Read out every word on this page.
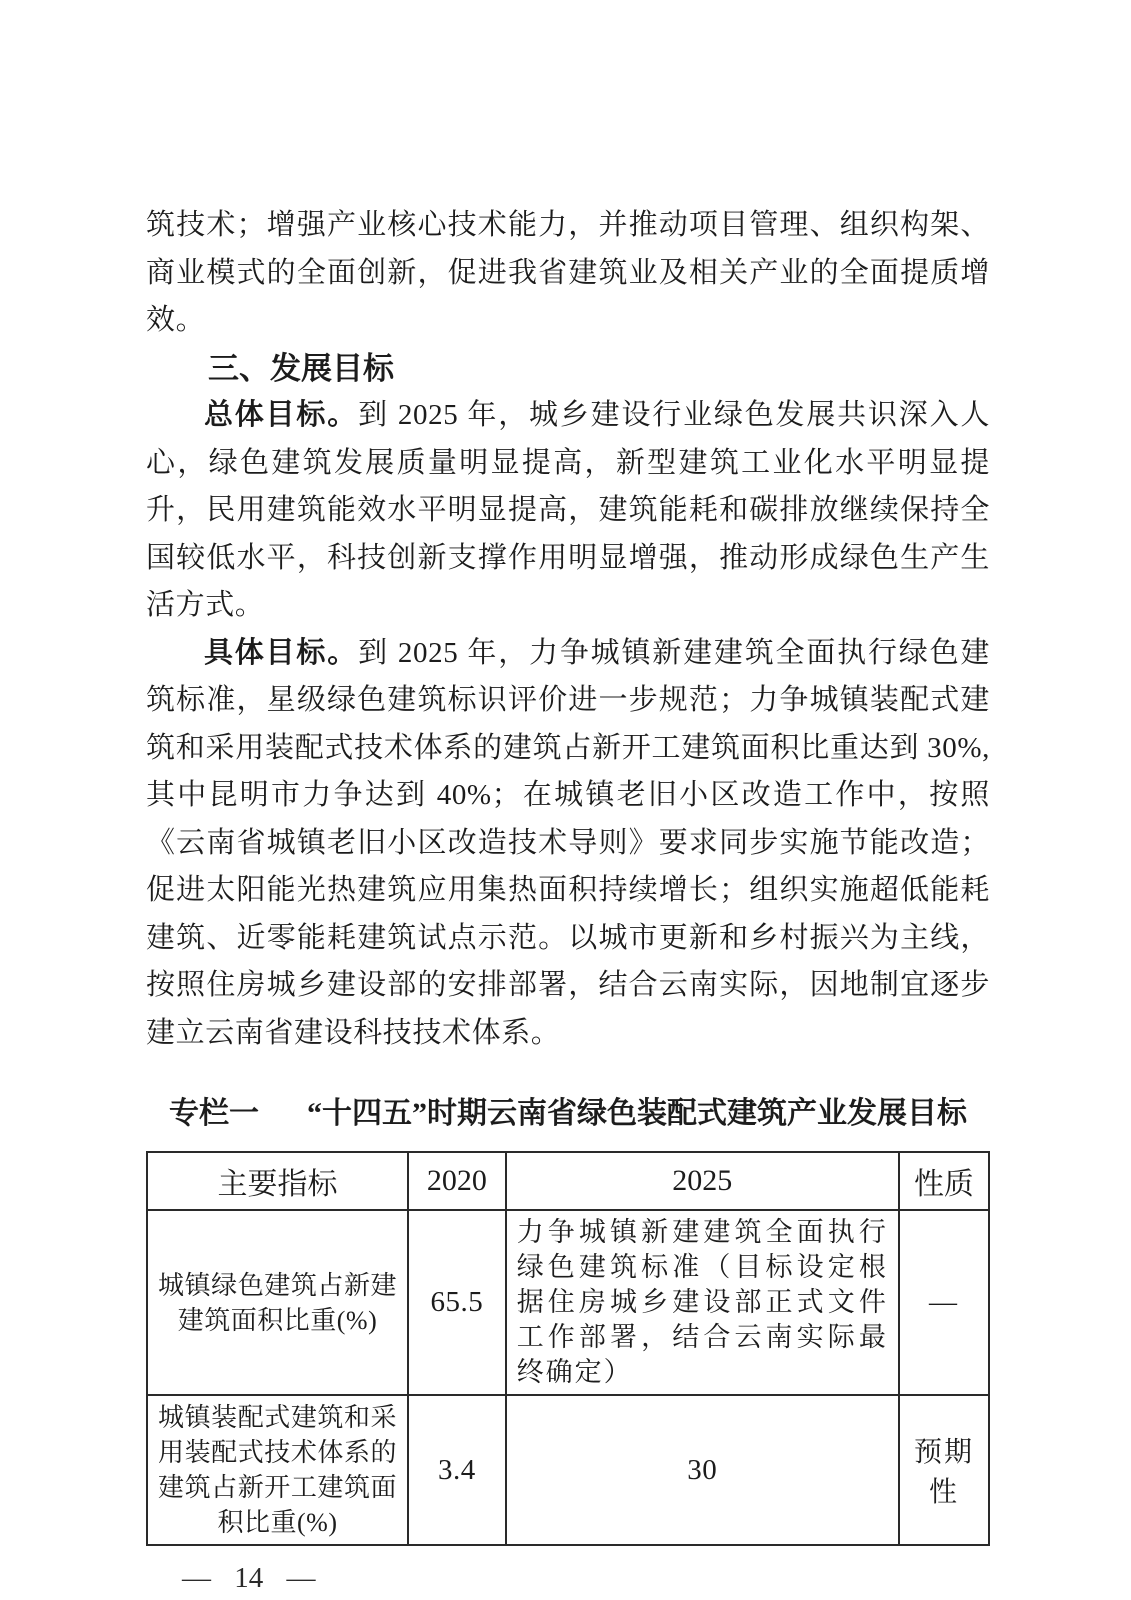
筑技术；增强产业核心技术能力，并推动项目管理、组织构架、商业模式的全面创新，促进我省建筑业及相关产业的全面提质增效。

三、发展目标

总体目标。到 2025 年，城乡建设行业绿色发展共识深入人心，绿色建筑发展质量明显提高，新型建筑工业化水平明显提升，民用建筑能效水平明显提高，建筑能耗和碳排放继续保持全国较低水平，科技创新支撑作用明显增强，推动形成绿色生产生活方式。

具体目标。到 2025 年，力争城镇新建建筑全面执行绿色建筑标准，星级绿色建筑标识评价进一步规范；力争城镇装配式建筑和采用装配式技术体系的建筑占新开工建筑面积比重达到 30%, 其中昆明市力争达到 40%；在城镇老旧小区改造工作中，按照《云南省城镇老旧小区改造技术导则》要求同步实施节能改造；促进太阳能光热建筑应用集热面积持续增长；组织实施超低能耗建筑、近零能耗建筑试点示范。以城市更新和乡村振兴为主线，按照住房城乡建设部的安排部署，结合云南实际，因地制宜逐步建立云南省建设科技技术体系。

专栏一 “十四五”时期云南省绿色装配式建筑产业发展目标
主要指标	2020	2025	性质
城镇绿色建筑占新建建筑面积比重(%)	65.5	力争城镇新建建筑全面执行绿色建筑标准（目标设定根据住房城乡建设部正式文件工作部署，结合云南实际最终确定）	—
城镇装配式建筑和采用装配式技术体系的建筑占新开工建筑面积比重(%)	3.4	30	预期性
— 14 —
